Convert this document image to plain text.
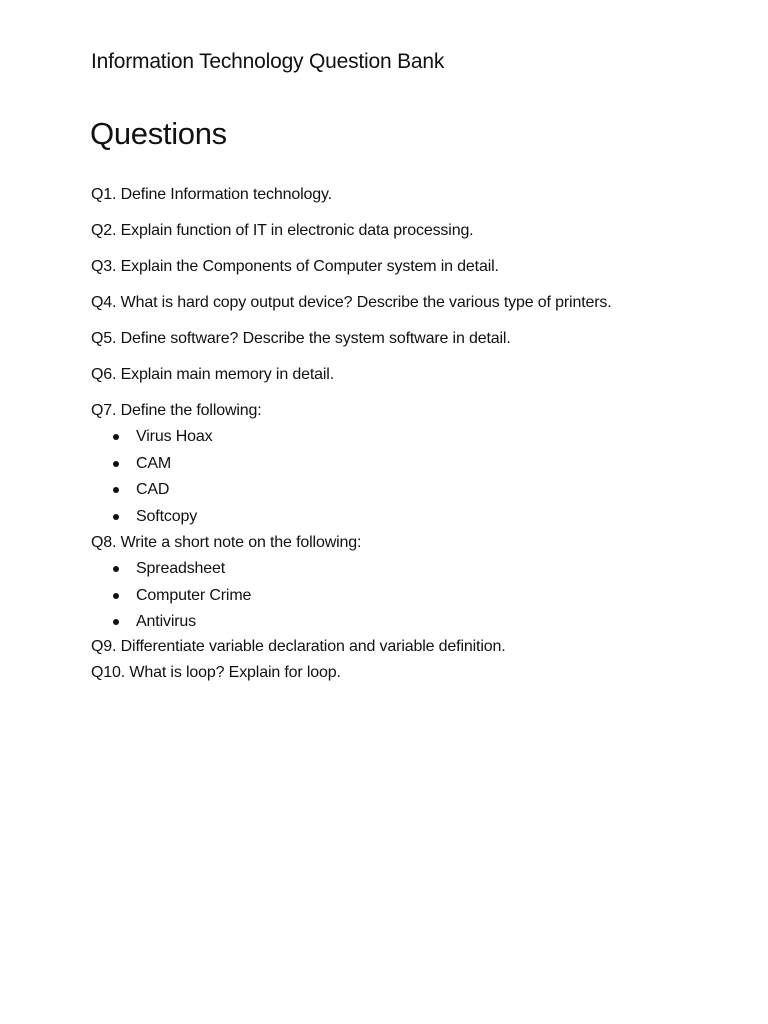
Information Technology Question Bank
Questions
Q1. Define Information technology.
Q2. Explain function of IT in electronic data processing.
Q3. Explain the Components of Computer system in detail.
Q4. What is hard copy output device? Describe the various type of printers.
Q5. Define software? Describe the system software in detail.
Q6. Explain main memory in detail.
Q7. Define the following:
Virus Hoax
CAM
CAD
Softcopy
Q8. Write a short note on the following:
Spreadsheet
Computer Crime
Antivirus
Q9. Differentiate variable declaration and variable definition.
Q10. What is loop? Explain for loop.
